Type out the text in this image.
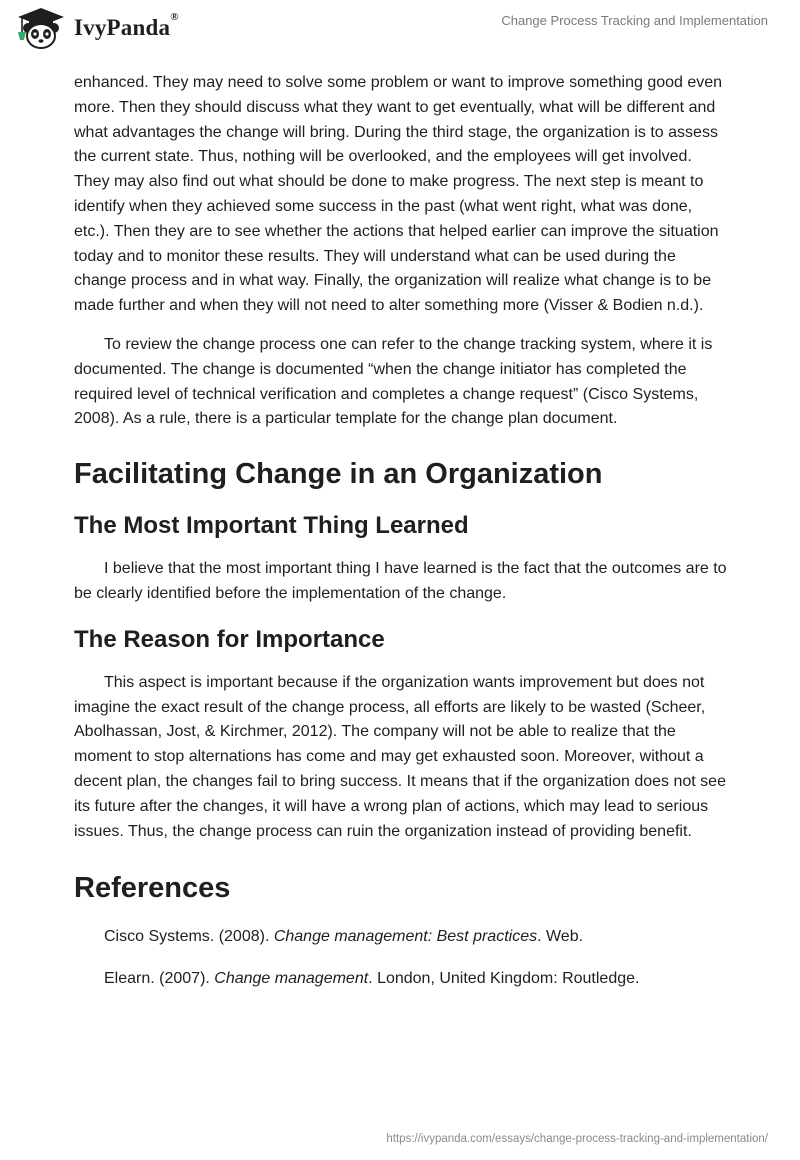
IvyPanda®	Change Process Tracking and Implementation

enhanced. They may need to solve some problem or want to improve something good even more. Then they should discuss what they want to get eventually, what will be different and what advantages the change will bring. During the third stage, the organization is to assess the current state. Thus, nothing will be overlooked, and the employees will get involved. They may also find out what should be done to make progress. The next step is meant to identify when they achieved some success in the past (what went right, what was done, etc.). Then they are to see whether the actions that helped earlier can improve the situation today and to monitor these results. They will understand what can be used during the change process and in what way. Finally, the organization will realize what change is to be made further and when they will not need to alter something more (Visser & Bodien n.d.).

To review the change process one can refer to the change tracking system, where it is documented. The change is documented “when the change initiator has completed the required level of technical verification and completes a change request” (Cisco Systems, 2008). As a rule, there is a particular template for the change plan document.

Facilitating Change in an Organization
The Most Important Thing Learned

I believe that the most important thing I have learned is the fact that the outcomes are to be clearly identified before the implementation of the change.

The Reason for Importance

This aspect is important because if the organization wants improvement but does not imagine the exact result of the change process, all efforts are likely to be wasted (Scheer, Abolhassan, Jost, & Kirchmer, 2012). The company will not be able to realize that the moment to stop alternations has come and may get exhausted soon. Moreover, without a decent plan, the changes fail to bring success. It means that if the organization does not see its future after the changes, it will have a wrong plan of actions, which may lead to serious issues. Thus, the change process can ruin the organization instead of providing benefit.

References

Cisco Systems. (2008). Change management: Best practices. Web.

Elearn. (2007). Change management. London, United Kingdom: Routledge.

https://ivypanda.com/essays/change-process-tracking-and-implementation/
